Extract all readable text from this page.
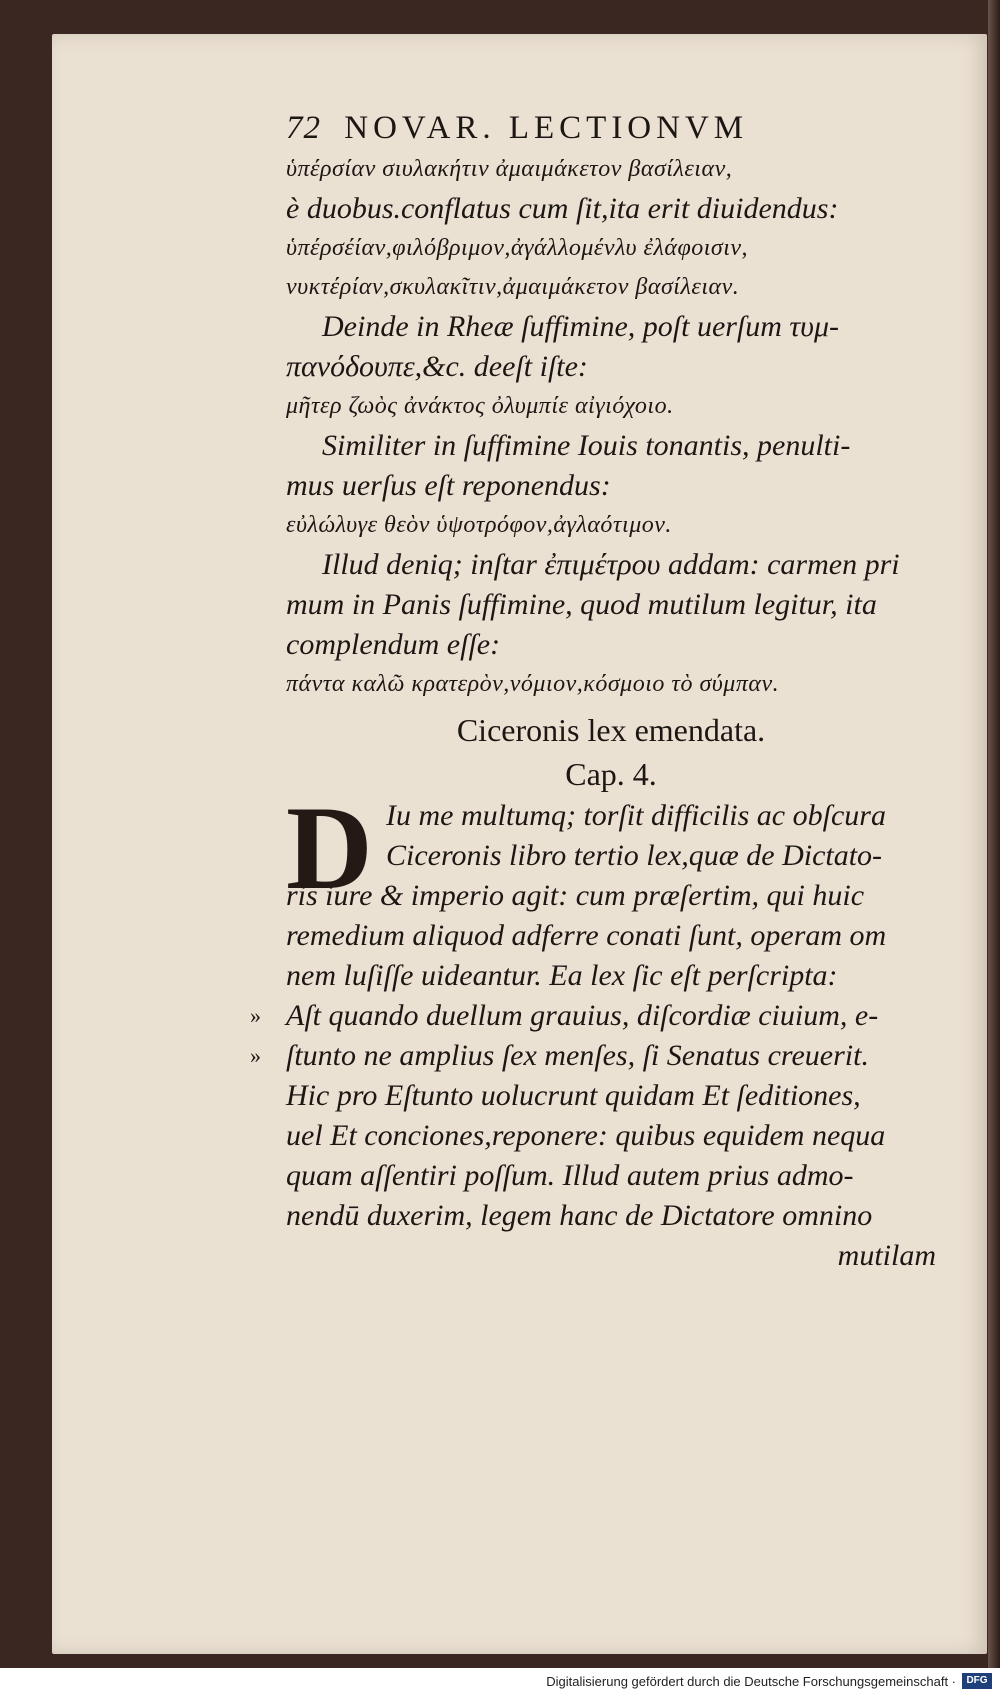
72 NOVAR. LECTIONVM
ὑπέρσίαν σιυλακήτιν ἀμαιμάκετον βασίλειαν,
è duobus.conflatus cum ſit,ita erit diuidendus:
ὑπέρσέίαν,φιλόβριμον,ἀγάλλομένλυ ἐλάφοισιν,
νυκτέρίαν,σκυλακῖτιν,ἀμαιμάκετον βασίλειαν.
Deinde in Rheæ ſuffimine, poſt uerſum τυμ-
πανόδουπε,&c. deeſt iſte:
μῆτερ ζωὸς ἀνάκτος ὀλυμπίε αἰγιόχοιο.
Similiter in ſuffimine Iouis tonantis, penulti-
mus uerſus eſt reponendus:
εὐλώλυγε θεὸν ὑψοτρόφον,ἀγλαότιμον.
Illud deniq; inſtar ἐπιμέτρου addam: carmen pri
mum in Panis ſuffimine, quod mutilum legitur, ita
complendum eſſe:
πάντα καλῶ κρατερὸν,νόμιον,κόσμοιο τὸ σύμπαν.
Ciceronis lex emendata.
Cap. 4.
D Iu me multumq; torſit difficilis ac obſcura
Ciceronis libro tertio lex,quæ de Dictato-
ris iure & imperio agit: cum præſertim, qui huic
remedium aliquod adferre conati ſunt, operam om
nem luſiſſe uideantur. Ea lex ſic eſt perſcripta:
» Aſt quando duellum grauius, diſcordiæ ciuium, e-
» ſtunto ne amplius ſex menſes, ſi Senatus creuerit.
Hic pro Eſtunto uolucrunt quidam Et ſeditiones,
uel Et conciones,reponere: quibus equidem nequa
quam aſſentiri poſſum. Illud autem prius admo-
nendū duxerim, legem hanc de Dictatore omnino
mutilam
Digitalisierung gefördert durch die Deutsche Forschungsgemeinschaft ·	DFG
